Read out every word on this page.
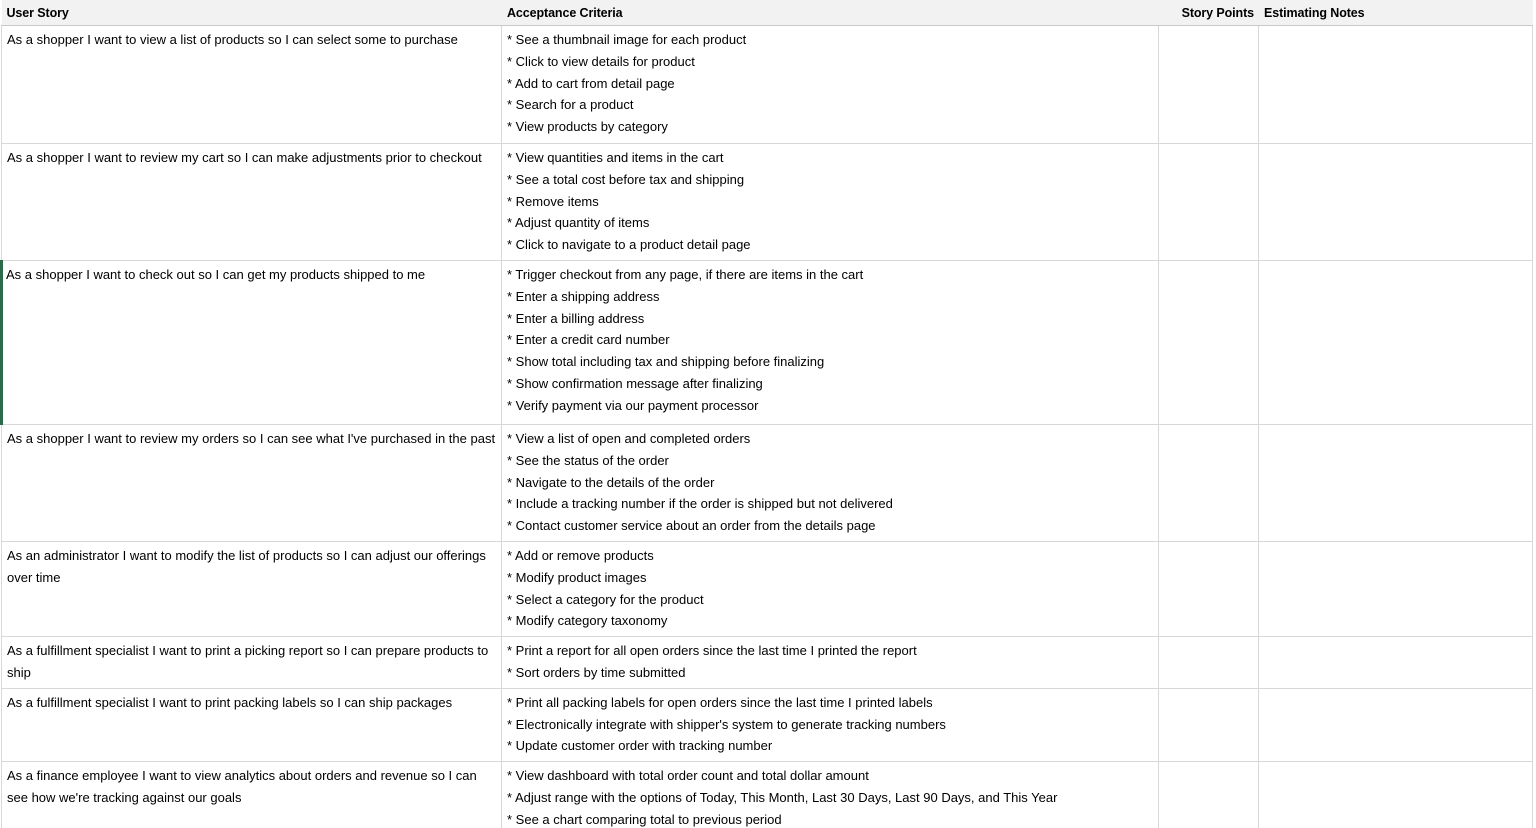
User Story	Acceptance Criteria	Story Points	Estimating Notes
As a shopper I want to view a list of products so I can select some to purchase	* See a thumbnail image for each product
* Click to view details for product
* Add to cart from detail page
* Search for a product
* View products by category		

As a shopper I want to review my cart so I can make adjustments prior to checkout	* View quantities and items in the cart
* See a total cost before tax and shipping
* Remove items
* Adjust quantity of items
* Click to navigate to a product detail page		

As a shopper I want to check out so I can get my products shipped to me	* Trigger checkout from any page, if there are items in the cart
* Enter a shipping address
* Enter a billing address
* Enter a credit card number
* Show total including tax and shipping before finalizing
* Show confirmation message after finalizing
* Verify payment via our payment processor

As a shopper I want to review my orders so I can see what I've purchased in the past	* View a list of open and completed orders
* See the status of the order
* Navigate to the details of the order
* Include a tracking number if the order is shipped but not delivered
* Contact customer service about an order from the details page		

As an administrator I want to modify the list of products so I can adjust our offerings over time	* Add or remove products
* Modify product images
* Select a category for the product
* Modify category taxonomy		

As a fulfillment specialist I want to print a picking report so I can prepare products to ship	* Print a report for all open orders since the last time I printed the report
* Sort orders by time submitted		

As a fulfillment specialist I want to print packing labels so I can ship packages	* Print all packing labels for open orders since the last time I printed labels
* Electronically integrate with shipper's system to generate tracking numbers
* Update customer order with tracking number		

As a finance employee I want to view analytics about orders and revenue so I can see how we're tracking against our goals	* View dashboard with total order count and total dollar amount
* Adjust range with the options of Today, This Month, Last 30 Days, Last 90 Days, and This Year
* See a chart comparing total to previous period		
